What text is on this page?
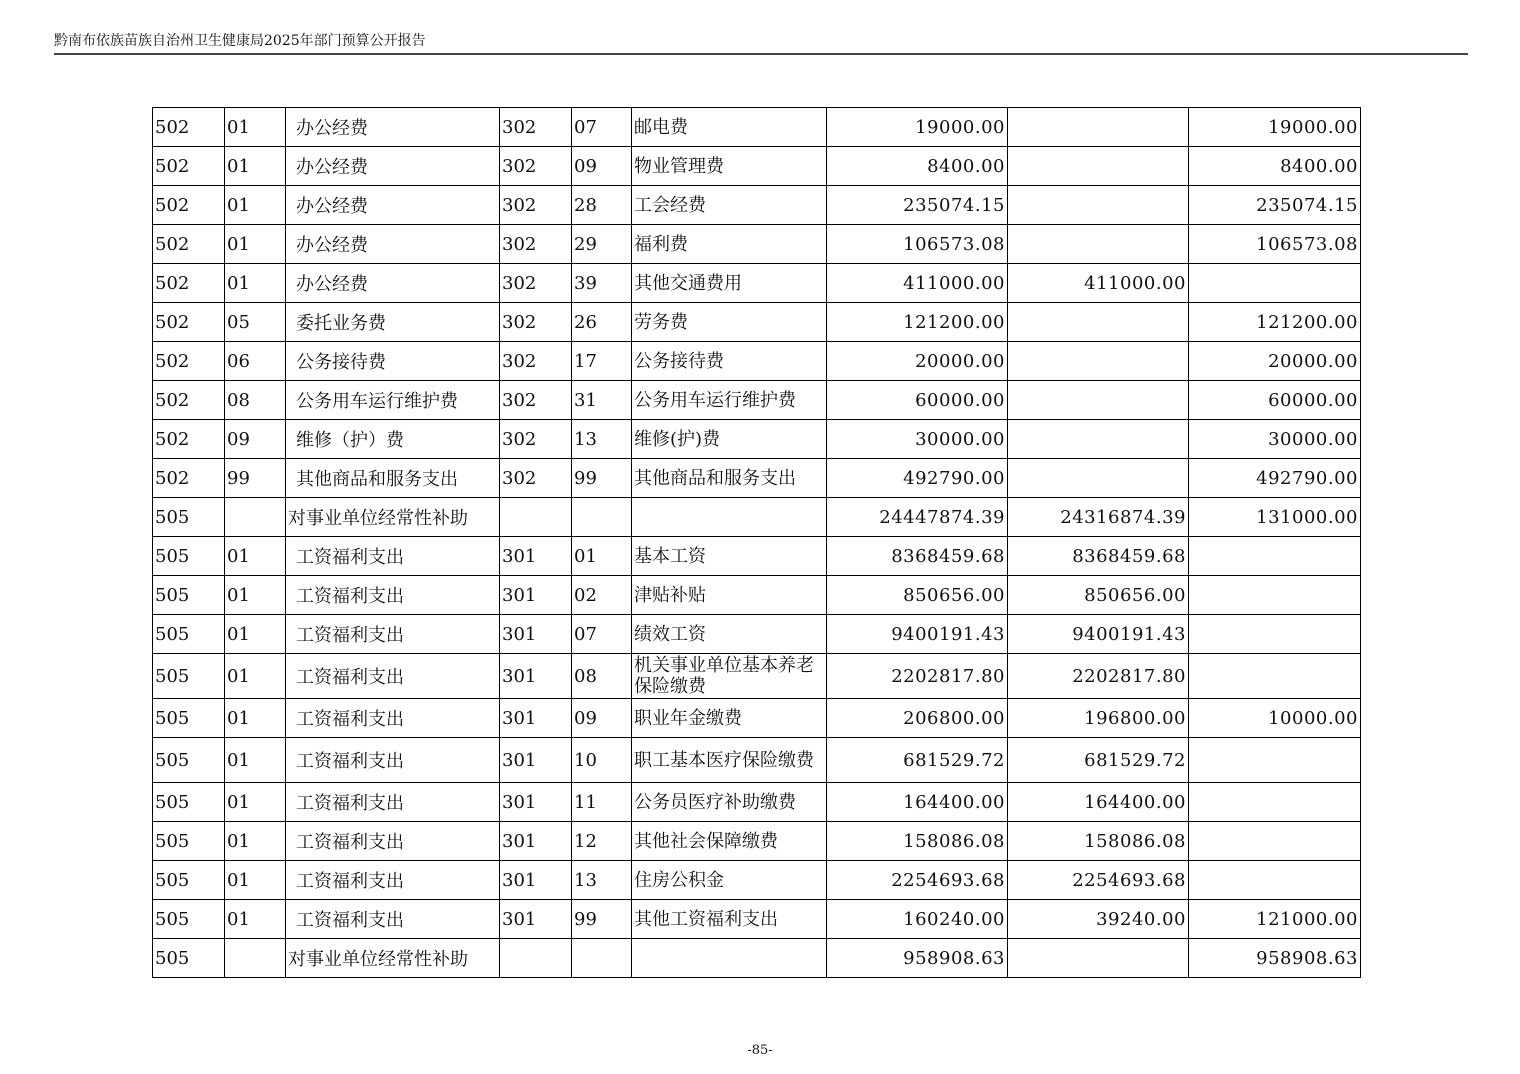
黔南布依族苗族自治州卫生健康局2025年部门预算公开报告
502	01	办公经费	302	07	邮电费	19000.00		19000.00
502	01	办公经费	302	09	物业管理费	8400.00		8400.00
502	01	办公经费	302	28	工会经费	235074.15		235074.15
502	01	办公经费	302	29	福利费	106573.08		106573.08
502	01	办公经费	302	39	其他交通费用	411000.00	411000.00	
502	05	委托业务费	302	26	劳务费	121200.00		121200.00
502	06	公务接待费	302	17	公务接待费	20000.00		20000.00
502	08	公务用车运行维护费	302	31	公务用车运行维护费	60000.00		60000.00
502	09	维修（护）费	302	13	维修(护)费	30000.00		30000.00
502	99	其他商品和服务支出	302	99	其他商品和服务支出	492790.00		492790.00
505		对事业单位经常性补助				24447874.39	24316874.39	131000.00
505	01	工资福利支出	301	01	基本工资	8368459.68	8368459.68	
505	01	工资福利支出	301	02	津贴补贴	850656.00	850656.00	
505	01	工资福利支出	301	07	绩效工资	9400191.43	9400191.43	
505	01	工资福利支出	301	08	机关事业单位基本养老保险缴费	2202817.80	2202817.80	
505	01	工资福利支出	301	09	职业年金缴费	206800.00	196800.00	10000.00
505	01	工资福利支出	301	10	职工基本医疗保险缴费	681529.72	681529.72	
505	01	工资福利支出	301	11	公务员医疗补助缴费	164400.00	164400.00	
505	01	工资福利支出	301	12	其他社会保障缴费	158086.08	158086.08	
505	01	工资福利支出	301	13	住房公积金	2254693.68	2254693.68	
505	01	工资福利支出	301	99	其他工资福利支出	160240.00	39240.00	121000.00
505		对事业单位经常性补助				958908.63		958908.63
-85-
